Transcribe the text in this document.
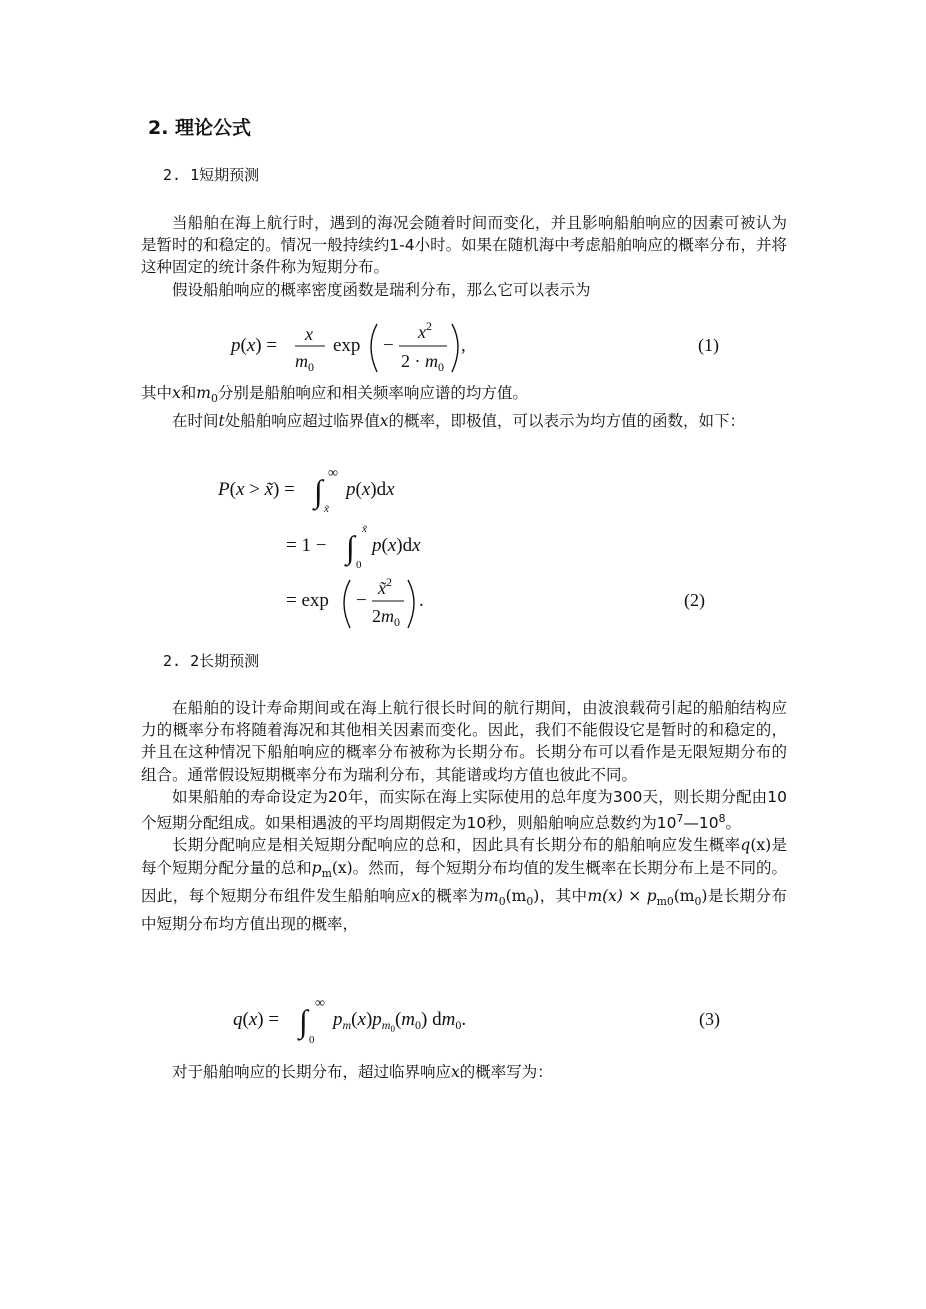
2. 理论公式
2. 1短期预测

当船舶在海上航行时，遇到的海况会随着时间而变化，并且影响船舶响应的因素可被认为是暂时的和稳定的。情况一般持续约1-4小时。如果在随机海中考虑船舶响应的概率分布，并将这种固定的统计条件称为短期分布。

假设船舶响应的概率密度函数是瑞利分布，那么它可以表示为

p(x) =
x
$m_0$
exp −
$x^2$
$2 \cdot m_0$
,	(1)

其中x和$m_0$分别是船舶响应和相关频率响应谱的均方值。

在时间t处船舶响应超过临界值x的概率，即极值，可以表示为均方值的函数，如下：

P(x > x̃) = ∫ ∞
x̃
p(x)dx
= 1 − ∫ x̃
0
p(x)dx
= exp −
x̃$^2$
$2m_0$
.	(2)
2. 2长期预测

在船舶的设计寿命期间或在海上航行很长时间的航行期间，由波浪载荷引起的船舶结构应力的概率分布将随着海况和其他相关因素而变化。因此，我们不能假设它是暂时的和稳定的，并且在这种情况下船舶响应的概率分布被称为长期分布。长期分布可以看作是无限短期分布的组合。通常假设短期概率分布为瑞利分布，其能谱或均方值也彼此不同。

如果船舶的寿命设定为20年，而实际在海上实际使用的总年度为300天，则长期分配由10个短期分配组成。如果相遇波的平均周期假定为10秒，则船舶响应总数约为$10^7—10^8$。

长期分配响应是相关短期分配响应的总和，因此具有长期分布的船舶响应发生概率q(x)是每个短期分配分量的总和$p_m(x)$。然而，每个短期分布均值的发生概率在长期分布上是不同的。因此，每个短期分布组件发生船舶响应x的概率为$m_0(m_0)$，其中$m(x) \times p_{m0}(m_0)$是长期分布中短期分布均方值出现的概率，

q(x) = ∫ ∞
0
$p_m(x)p_m0(m_0)$ $dm_0$.	(3)

对于船舶响应的长期分布，超过临界响应x的概率写为：
